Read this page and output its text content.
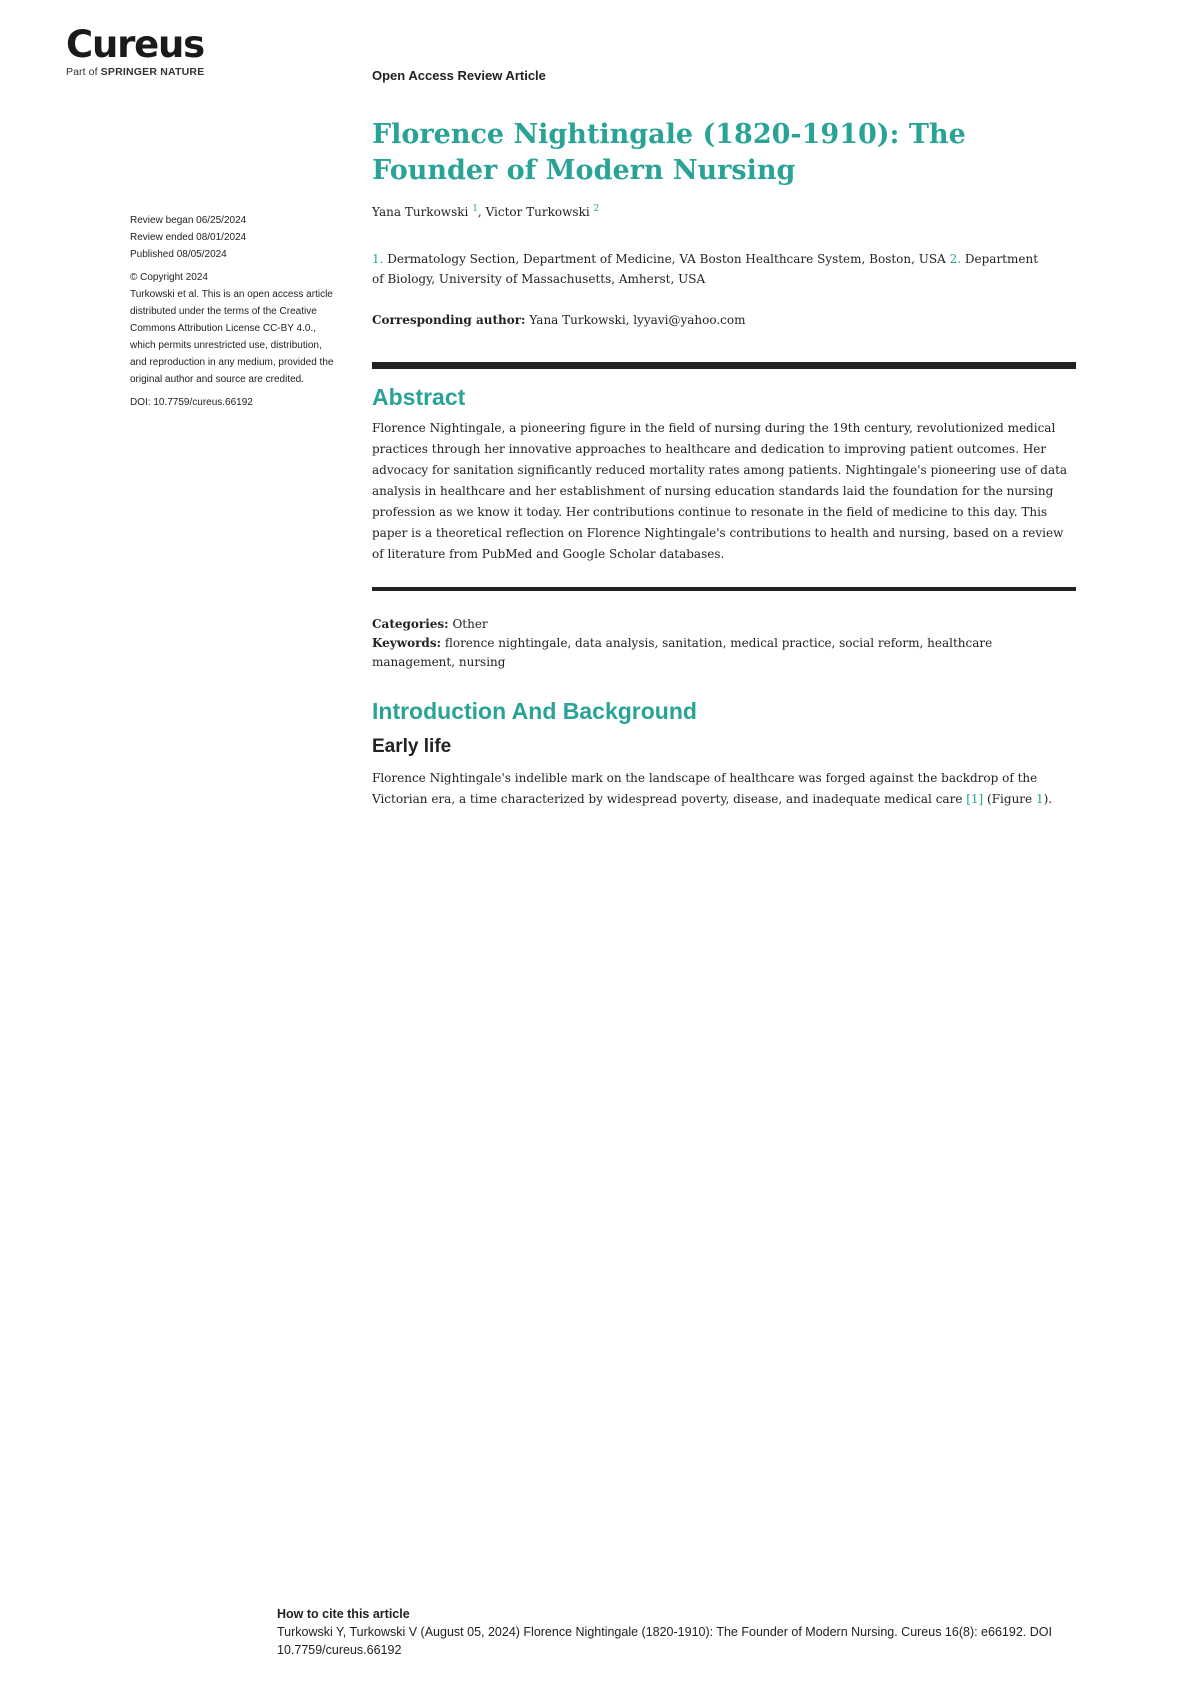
Cureus
Part of SPRINGER NATURE	Open Access Review Article
Florence Nightingale (1820-1910): The Founder of Modern Nursing

Review began 06/25/2024

Review ended 08/01/2024

Published 08/05/2024

© Copyright 2024

Turkowski et al. This is an open access article distributed under the terms of the Creative Commons Attribution License CC-BY 4.0., which permits unrestricted use, distribution, and reproduction in any medium, provided the original author and source are credited.

DOI: 10.7759/cureus.66192

Yana Turkowski $^1$, Victor Turkowski $^2$
1. Dermatology Section, Department of Medicine, VA Boston Healthcare System, Boston, USA 2. Department of Biology, University of Massachusetts, Amherst, USA
Corresponding author: Yana Turkowski, lyyavi@yahoo.com
Abstract

Florence Nightingale, a pioneering figure in the field of nursing during the 19th century, revolutionized medical practices through her innovative approaches to healthcare and dedication to improving patient outcomes. Her advocacy for sanitation significantly reduced mortality rates among patients. Nightingale's pioneering use of data analysis in healthcare and her establishment of nursing education standards laid the foundation for the nursing profession as we know it today. Her contributions continue to resonate in the field of medicine to this day. This paper is a theoretical reflection on Florence Nightingale's contributions to health and nursing, based on a review of literature from PubMed and Google Scholar databases.

Categories: Other

Keywords: florence nightingale, data analysis, sanitation, medical practice, social reform, healthcare management, nursing

Introduction And Background
Early life

Florence Nightingale's indelible mark on the landscape of healthcare was forged against the backdrop of the Victorian era, a time characterized by widespread poverty, disease, and inadequate medical care [1] (Figure 1).

How to cite this article

Turkowski Y, Turkowski V (August 05, 2024) Florence Nightingale (1820-1910): The Founder of Modern Nursing. Cureus 16(8): e66192. DOI 10.7759/cureus.66192
